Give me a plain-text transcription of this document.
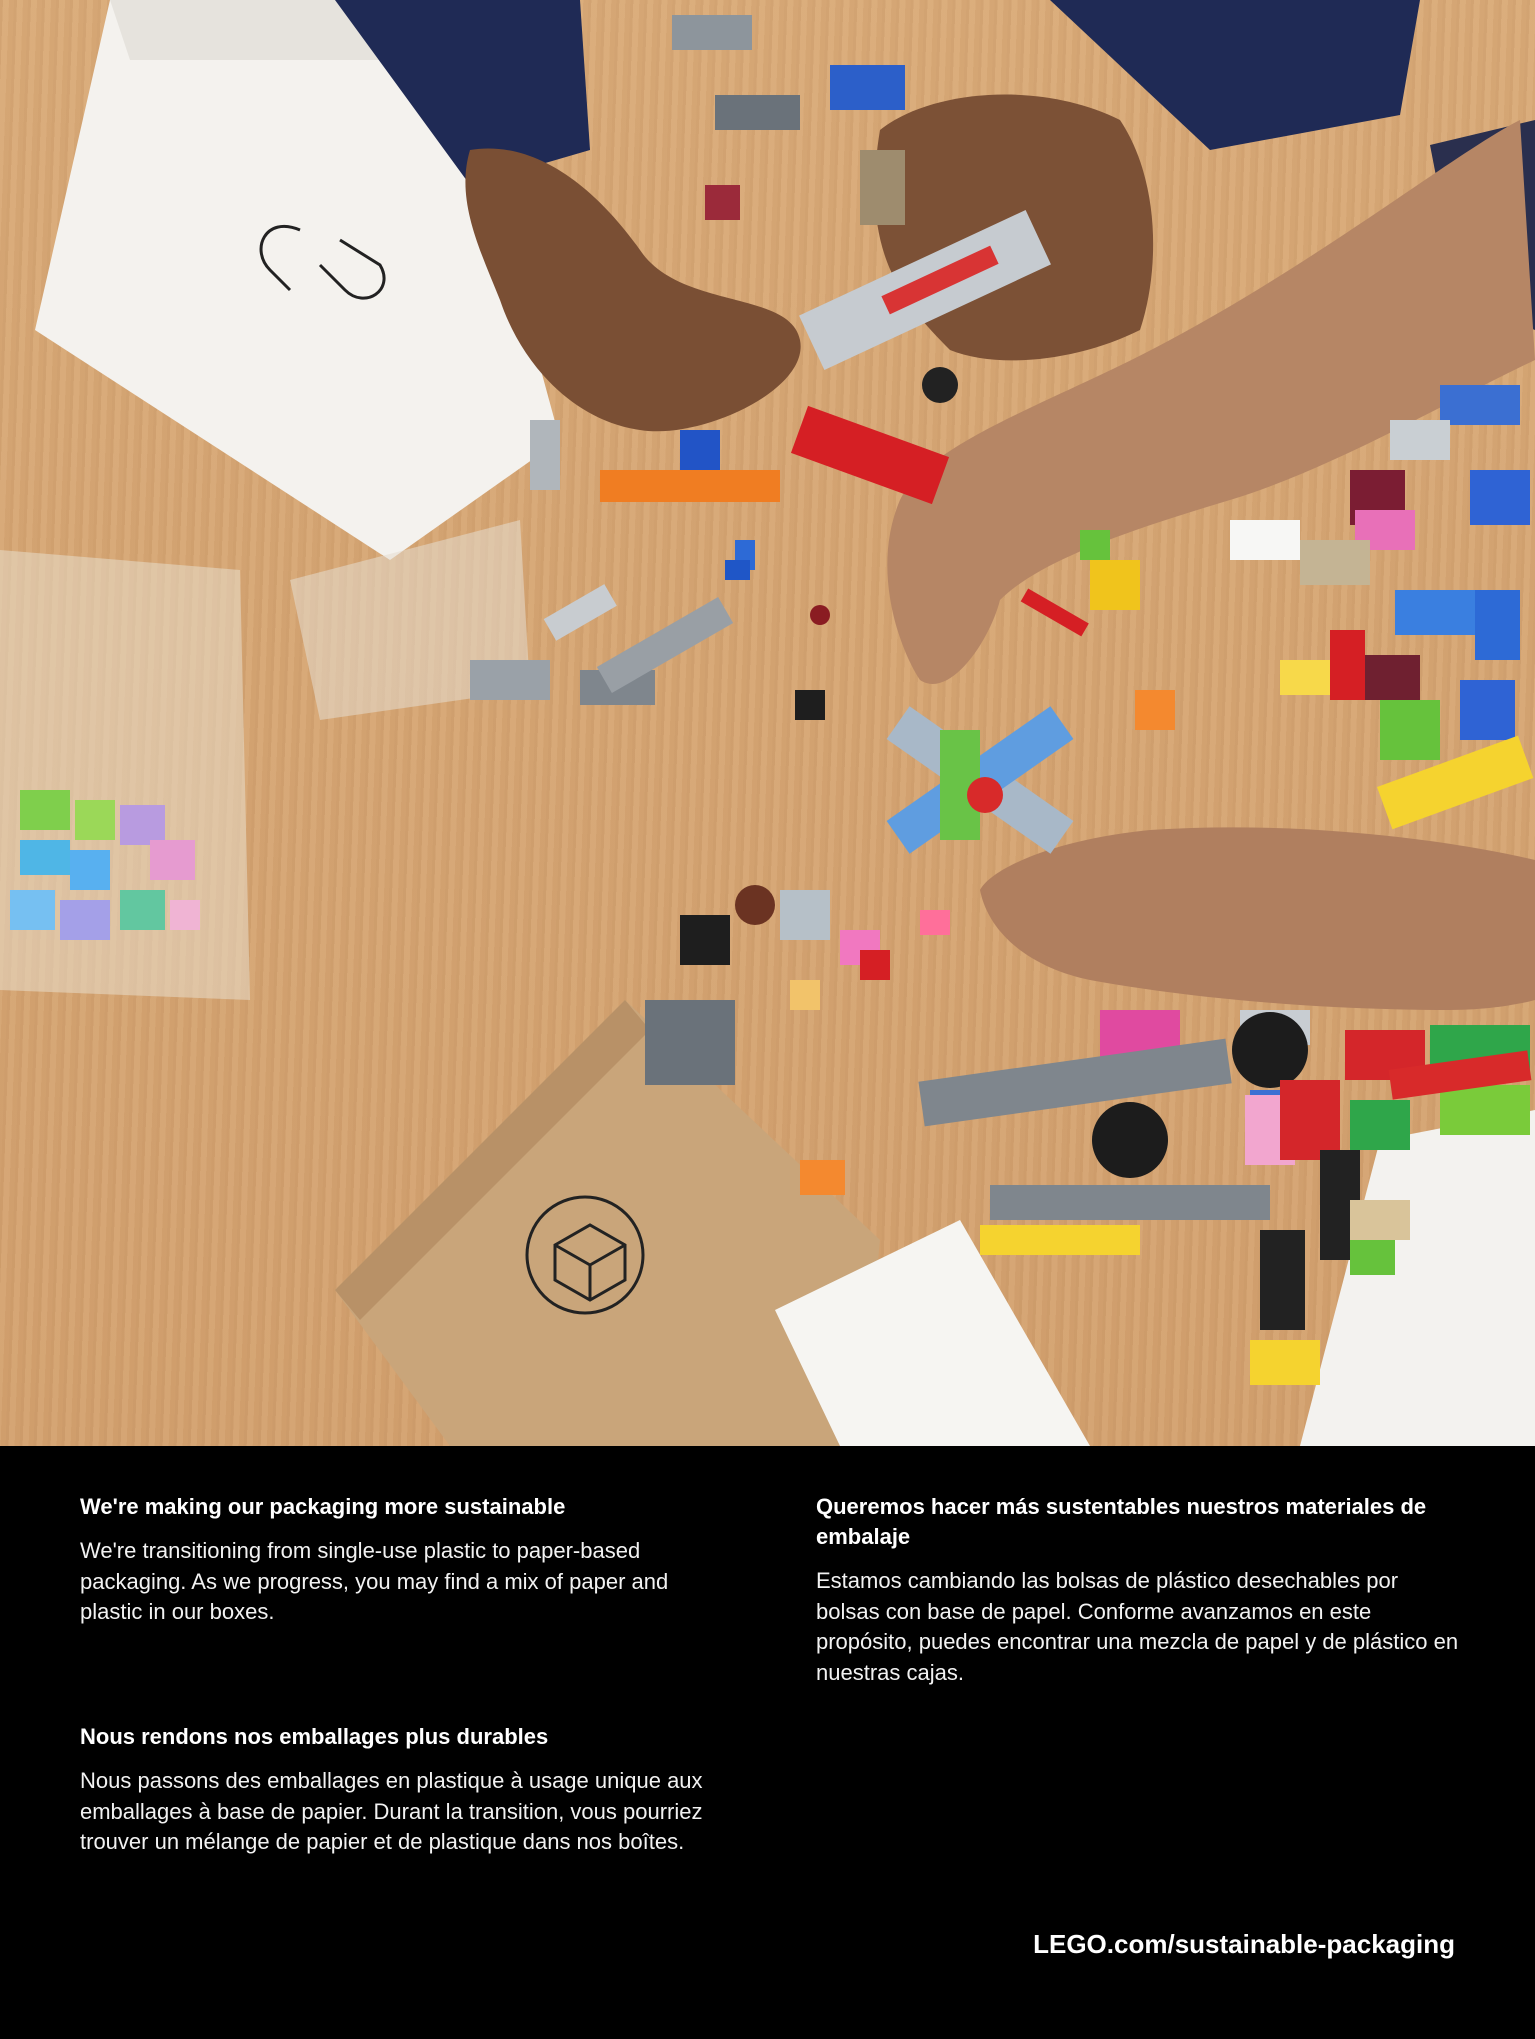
We're making our packaging more sustainable

We're transitioning from single-use plastic to paper-based packaging. As we progress, you may find a mix of paper and plastic in our boxes.

Queremos hacer más sustentables nuestros materiales de embalaje

Estamos cambiando las bolsas de plástico desechables por bolsas con base de papel. Conforme avanzamos en este propósito, puedes encontrar una mezcla de papel y de plástico en nuestras cajas.

Nous rendons nos emballages plus durables

Nous passons des emballages en plastique à usage unique aux emballages à base de papier. Durant la transition, vous pourriez trouver un mélange de papier et de plastique dans nos boîtes.

LEGO.com/sustainable-packaging
